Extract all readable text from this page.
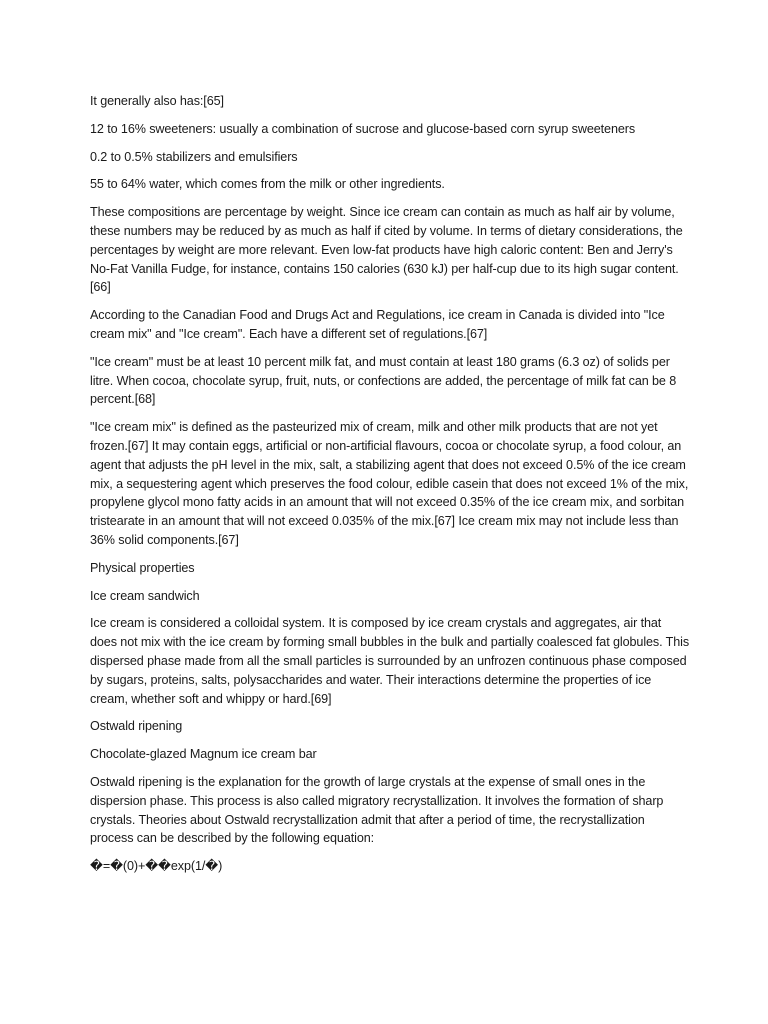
It generally also has:[65]

12 to 16% sweeteners: usually a combination of sucrose and glucose-based corn syrup sweeteners

0.2 to 0.5% stabilizers and emulsifiers

55 to 64% water, which comes from the milk or other ingredients.

These compositions are percentage by weight. Since ice cream can contain as much as half air by volume, these numbers may be reduced by as much as half if cited by volume. In terms of dietary considerations, the percentages by weight are more relevant. Even low-fat products have high caloric content: Ben and Jerry's No-Fat Vanilla Fudge, for instance, contains 150 calories (630 kJ) per half-cup due to its high sugar content.[66]

According to the Canadian Food and Drugs Act and Regulations, ice cream in Canada is divided into "Ice cream mix" and "Ice cream". Each have a different set of regulations.[67]

"Ice cream" must be at least 10 percent milk fat, and must contain at least 180 grams (6.3 oz) of solids per litre. When cocoa, chocolate syrup, fruit, nuts, or confections are added, the percentage of milk fat can be 8 percent.[68]

"Ice cream mix" is defined as the pasteurized mix of cream, milk and other milk products that are not yet frozen.[67] It may contain eggs, artificial or non-artificial flavours, cocoa or chocolate syrup, a food colour, an agent that adjusts the pH level in the mix, salt, a stabilizing agent that does not exceed 0.5% of the ice cream mix, a sequestering agent which preserves the food colour, edible casein that does not exceed 1% of the mix, propylene glycol mono fatty acids in an amount that will not exceed 0.35% of the ice cream mix, and sorbitan tristearate in an amount that will not exceed 0.035% of the mix.[67] Ice cream mix may not include less than 36% solid components.[67]

Physical properties

Ice cream sandwich

Ice cream is considered a colloidal system. It is composed by ice cream crystals and aggregates, air that does not mix with the ice cream by forming small bubbles in the bulk and partially coalesced fat globules. This dispersed phase made from all the small particles is surrounded by an unfrozen continuous phase composed by sugars, proteins, salts, polysaccharides and water. Their interactions determine the properties of ice cream, whether soft and whippy or hard.[69]

Ostwald ripening

Chocolate-glazed Magnum ice cream bar

Ostwald ripening is the explanation for the growth of large crystals at the expense of small ones in the dispersion phase. This process is also called migratory recrystallization. It involves the formation of sharp crystals. Theories about Ostwald recrystallization admit that after a period of time, the recrystallization process can be described by the following equation:

�=�(0)+��exp(1/�)
